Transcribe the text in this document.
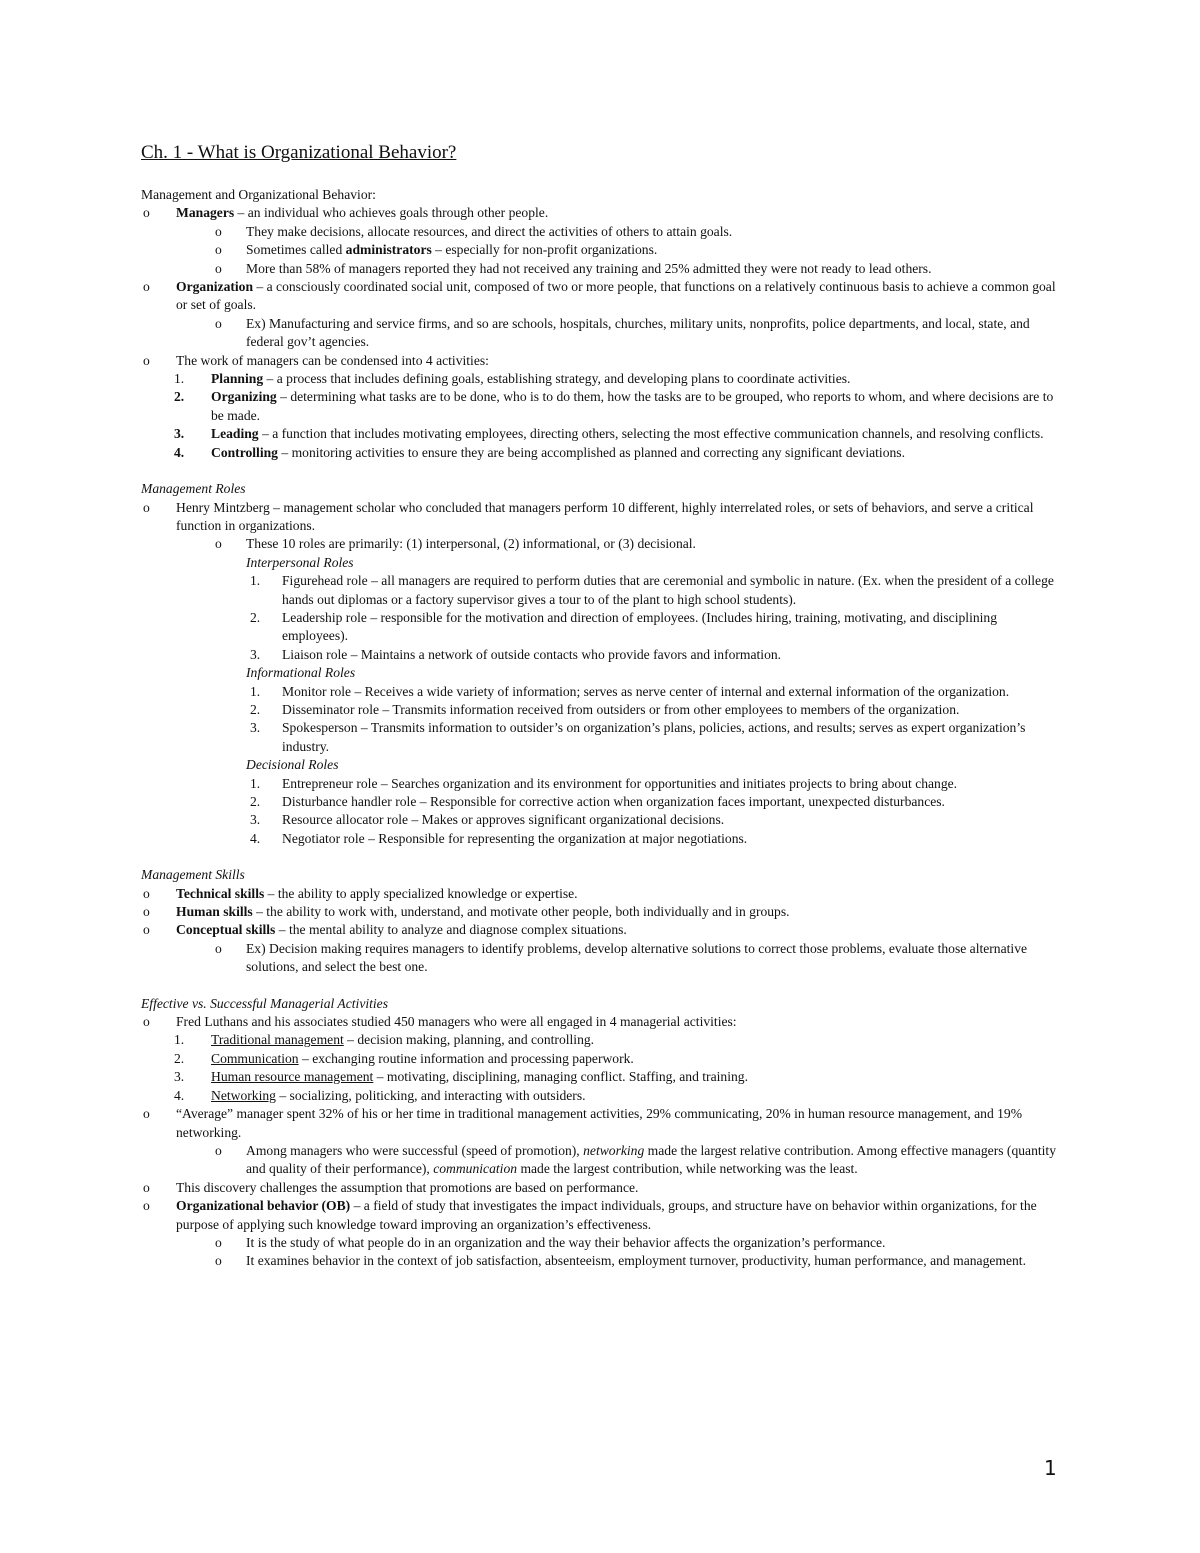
Ch. 1 - What is Organizational Behavior?
Management and Organizational Behavior:
o Managers – an individual who achieves goals through other people.
o They make decisions, allocate resources, and direct the activities of others to attain goals.
o Sometimes called administrators – especially for non-profit organizations.
o More than 58% of managers reported they had not received any training and 25% admitted they were not ready to lead others.
o Organization – a consciously coordinated social unit, composed of two or more people, that functions on a relatively continuous basis to achieve a common goal or set of goals.
o Ex) Manufacturing and service firms, and so are schools, hospitals, churches, military units, nonprofits, police departments, and local, state, and federal gov’t agencies.
o The work of managers can be condensed into 4 activities:
1. Planning – a process that includes defining goals, establishing strategy, and developing plans to coordinate activities.
2. Organizing – determining what tasks are to be done, who is to do them, how the tasks are to be grouped, who reports to whom, and where decisions are to be made.
3. Leading – a function that includes motivating employees, directing others, selecting the most effective communication channels, and resolving conflicts.
4. Controlling – monitoring activities to ensure they are being accomplished as planned and correcting any significant deviations.
Management Roles
o Henry Mintzberg – management scholar who concluded that managers perform 10 different, highly interrelated roles, or sets of behaviors, and serve a critical function in organizations.
o These 10 roles are primarily: (1) interpersonal, (2) informational, or (3) decisional.
Interpersonal Roles
1. Figurehead role – all managers are required to perform duties that are ceremonial and symbolic in nature. (Ex. when the president of a college hands out diplomas or a factory supervisor gives a tour to of the plant to high school students).
2. Leadership role – responsible for the motivation and direction of employees. (Includes hiring, training, motivating, and disciplining employees).
3. Liaison role – Maintains a network of outside contacts who provide favors and information.
Informational Roles
1. Monitor role – Receives a wide variety of information; serves as nerve center of internal and external information of the organization.
2. Disseminator role – Transmits information received from outsiders or from other employees to members of the organization.
3. Spokesperson – Transmits information to outsider’s on organization’s plans, policies, actions, and results; serves as expert organization’s industry.
Decisional Roles
1. Entrepreneur role – Searches organization and its environment for opportunities and initiates projects to bring about change.
2. Disturbance handler role – Responsible for corrective action when organization faces important, unexpected disturbances.
3. Resource allocator role – Makes or approves significant organizational decisions.
4. Negotiator role – Responsible for representing the organization at major negotiations.
Management Skills
o Technical skills – the ability to apply specialized knowledge or expertise.
o Human skills – the ability to work with, understand, and motivate other people, both individually and in groups.
o Conceptual skills – the mental ability to analyze and diagnose complex situations.
o Ex) Decision making requires managers to identify problems, develop alternative solutions to correct those problems, evaluate those alternative solutions, and select the best one.
Effective vs. Successful Managerial Activities
o Fred Luthans and his associates studied 450 managers who were all engaged in 4 managerial activities:
1. Traditional management – decision making, planning, and controlling.
2. Communication – exchanging routine information and processing paperwork.
3. Human resource management – motivating, disciplining, managing conflict. Staffing, and training.
4. Networking – socializing, politicking, and interacting with outsiders.
o “Average” manager spent 32% of his or her time in traditional management activities, 29% communicating, 20% in human resource management, and 19% networking.
o Among managers who were successful (speed of promotion), networking made the largest relative contribution. Among effective managers (quantity and quality of their performance), communication made the largest contribution, while networking was the least.
o This discovery challenges the assumption that promotions are based on performance.
o Organizational behavior (OB) – a field of study that investigates the impact individuals, groups, and structure have on behavior within organizations, for the purpose of applying such knowledge toward improving an organization’s effectiveness.
o It is the study of what people do in an organization and the way their behavior affects the organization’s performance.
o It examines behavior in the context of job satisfaction, absenteeism, employment turnover, productivity, human performance, and management.
1
